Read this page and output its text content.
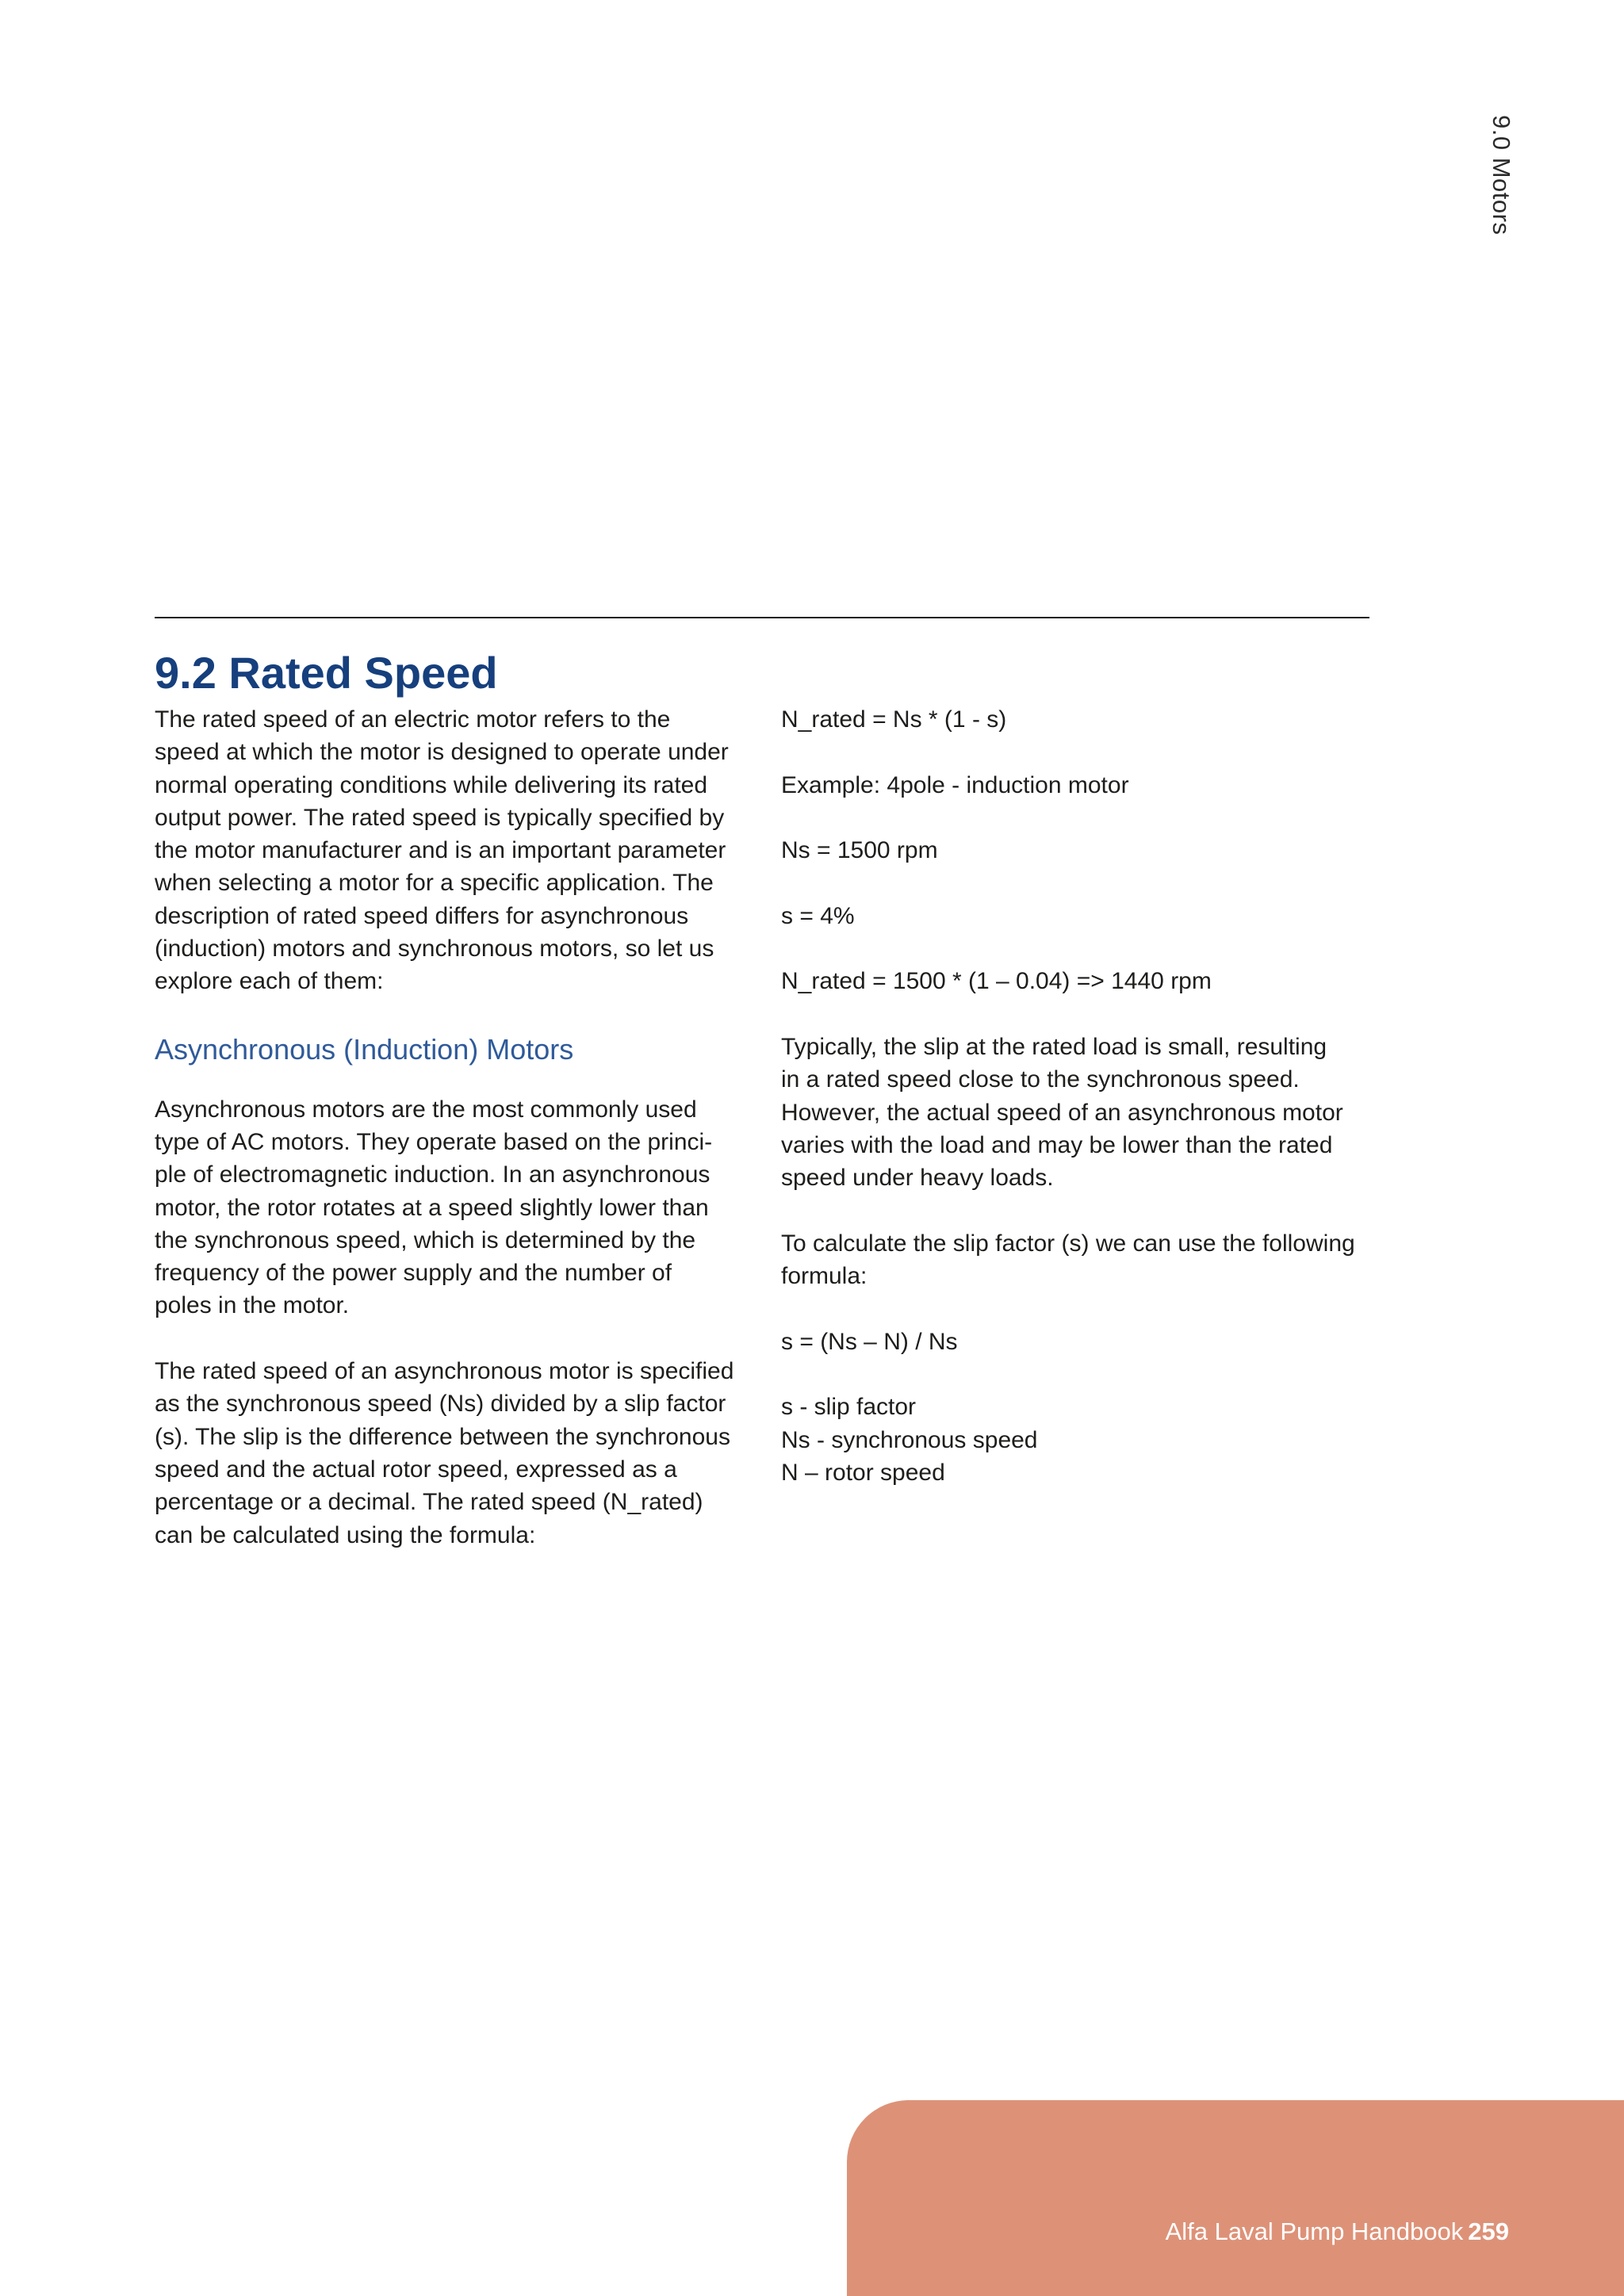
9.0 Motors
9.2 Rated Speed

The rated speed of an electric motor refers to the
speed at which the motor is designed to operate under
normal operating conditions while delivering its rated
output power. The rated speed is typically specified by
the motor manufacturer and is an important parameter
when selecting a motor for a specific application. The
description of rated speed differs for asynchronous
(induction) motors and synchronous motors, so let us
explore each of them:

Asynchronous (Induction) Motors

Asynchronous motors are the most commonly used
type of AC motors. They operate based on the princi-
ple of electromagnetic induction. In an asynchronous
motor, the rotor rotates at a speed slightly lower than
the synchronous speed, which is determined by the
frequency of the power supply and the number of
poles in the motor.

The rated speed of an asynchronous motor is specified
as the synchronous speed (Ns) divided by a slip factor
(s). The slip is the difference between the synchronous
speed and the actual rotor speed, expressed as a
percentage or a decimal. The rated speed (N_rated)
can be calculated using the formula:

N_rated = Ns * (1 - s)

Example: 4pole - induction motor

Ns = 1500 rpm

s = 4%

N_rated = 1500 * (1 – 0.04) => 1440 rpm

Typically, the slip at the rated load is small, resulting
in a rated speed close to the synchronous speed.
However, the actual speed of an asynchronous motor
varies with the load and may be lower than the rated
speed under heavy loads.

To calculate the slip factor (s) we can use the following
formula:

s = (Ns – N) / Ns

s - slip factor

Ns - synchronous speed

N – rotor speed

Alfa Laval Pump Handbook 259
